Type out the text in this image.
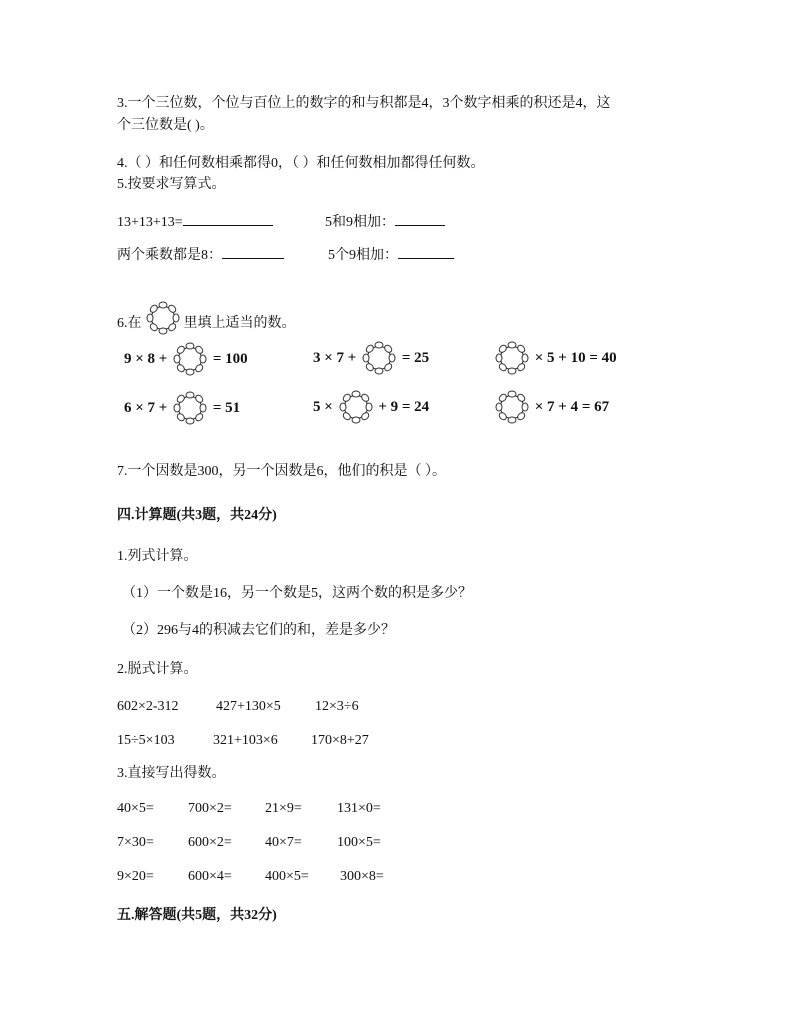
3.一个三位数，个位与百位上的数字的和与积都是4，3个数字相乘的积还是4，这
个三位数是( )。
4.（ ）和任何数相乘都得0，（ ）和任何数相加都得任何数。
5.按要求写算式。
13+13+13=	5和9相加：
两个乘数都是8：	5个9相加：
6.在	里填上适当的数。
9 × 8 +	= 100	3 × 7 +	= 25	× 5 + 10 = 40
6 × 7 +	= 51	5 ×	+ 9 = 24	× 7 + 4 = 67
7.一个因数是300，另一个因数是6，他们的积是（ ）。
四.计算题(共3题，共24分)
1.列式计算。
（1）一个数是16，另一个数是5，这两个数的积是多少？
（2）296与4的积减去它们的和，差是多少？
2.脱式计算。
602×2-312	427+130×5 12×3÷6
15÷5×103	321+103×6 170×8+27
3.直接写出得数。
40×5= 700×2= 21×9=	131×0=
7×30= 600×2= 40×7=	100×5=
9×20= 600×4= 400×5= 300×8=
五.解答题(共5题，共32分)
